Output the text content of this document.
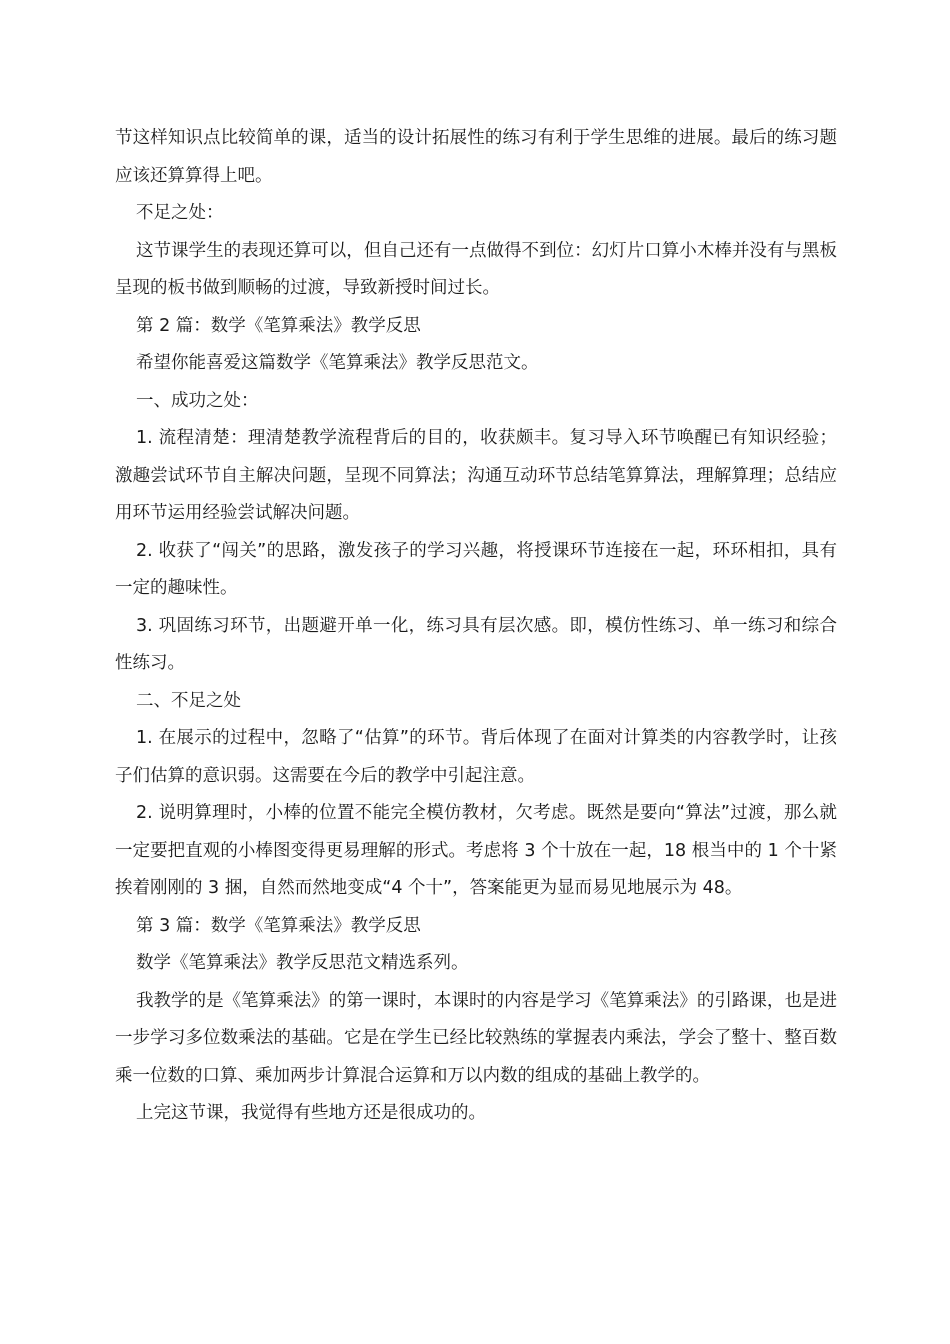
节这样知识点比较简单的课，适当的设计拓展性的练习有利于学生思维的进展。最后的练习题应该还算算得上吧。

不足之处：

这节课学生的表现还算可以，但自己还有一点做得不到位：幻灯片口算小木棒并没有与黑板呈现的板书做到顺畅的过渡，导致新授时间过长。

第 2 篇：数学《笔算乘法》教学反思

希望你能喜爱这篇数学《笔算乘法》教学反思范文。

一、成功之处：

1. 流程清楚：理清楚教学流程背后的目的，收获颇丰。复习导入环节唤醒已有知识经验；激趣尝试环节自主解决问题，呈现不同算法；沟通互动环节总结笔算算法，理解算理；总结应用环节运用经验尝试解决问题。

2. 收获了“闯关”的思路，激发孩子的学习兴趣，将授课环节连接在一起，环环相扣，具有一定的趣味性。

3. 巩固练习环节，出题避开单一化，练习具有层次感。即，模仿性练习、单一练习和综合性练习。

二、不足之处

1. 在展示的过程中，忽略了“估算”的环节。背后体现了在面对计算类的内容教学时，让孩子们估算的意识弱。这需要在今后的教学中引起注意。

2. 说明算理时，小棒的位置不能完全模仿教材，欠考虑。既然是要向“算法”过渡，那么就一定要把直观的小棒图变得更易理解的形式。考虑将 3 个十放在一起，18 根当中的 1 个十紧挨着刚刚的 3 捆，自然而然地变成“4 个十”，答案能更为显而易见地展示为 48。

第 3 篇：数学《笔算乘法》教学反思

数学《笔算乘法》教学反思范文精选系列。

我教学的是《笔算乘法》的第一课时，本课时的内容是学习《笔算乘法》的引路课，也是进一步学习多位数乘法的基础。它是在学生已经比较熟练的掌握表内乘法，学会了整十、整百数乘一位数的口算、乘加两步计算混合运算和万以内数的组成的基础上教学的。

上完这节课，我觉得有些地方还是很成功的。
